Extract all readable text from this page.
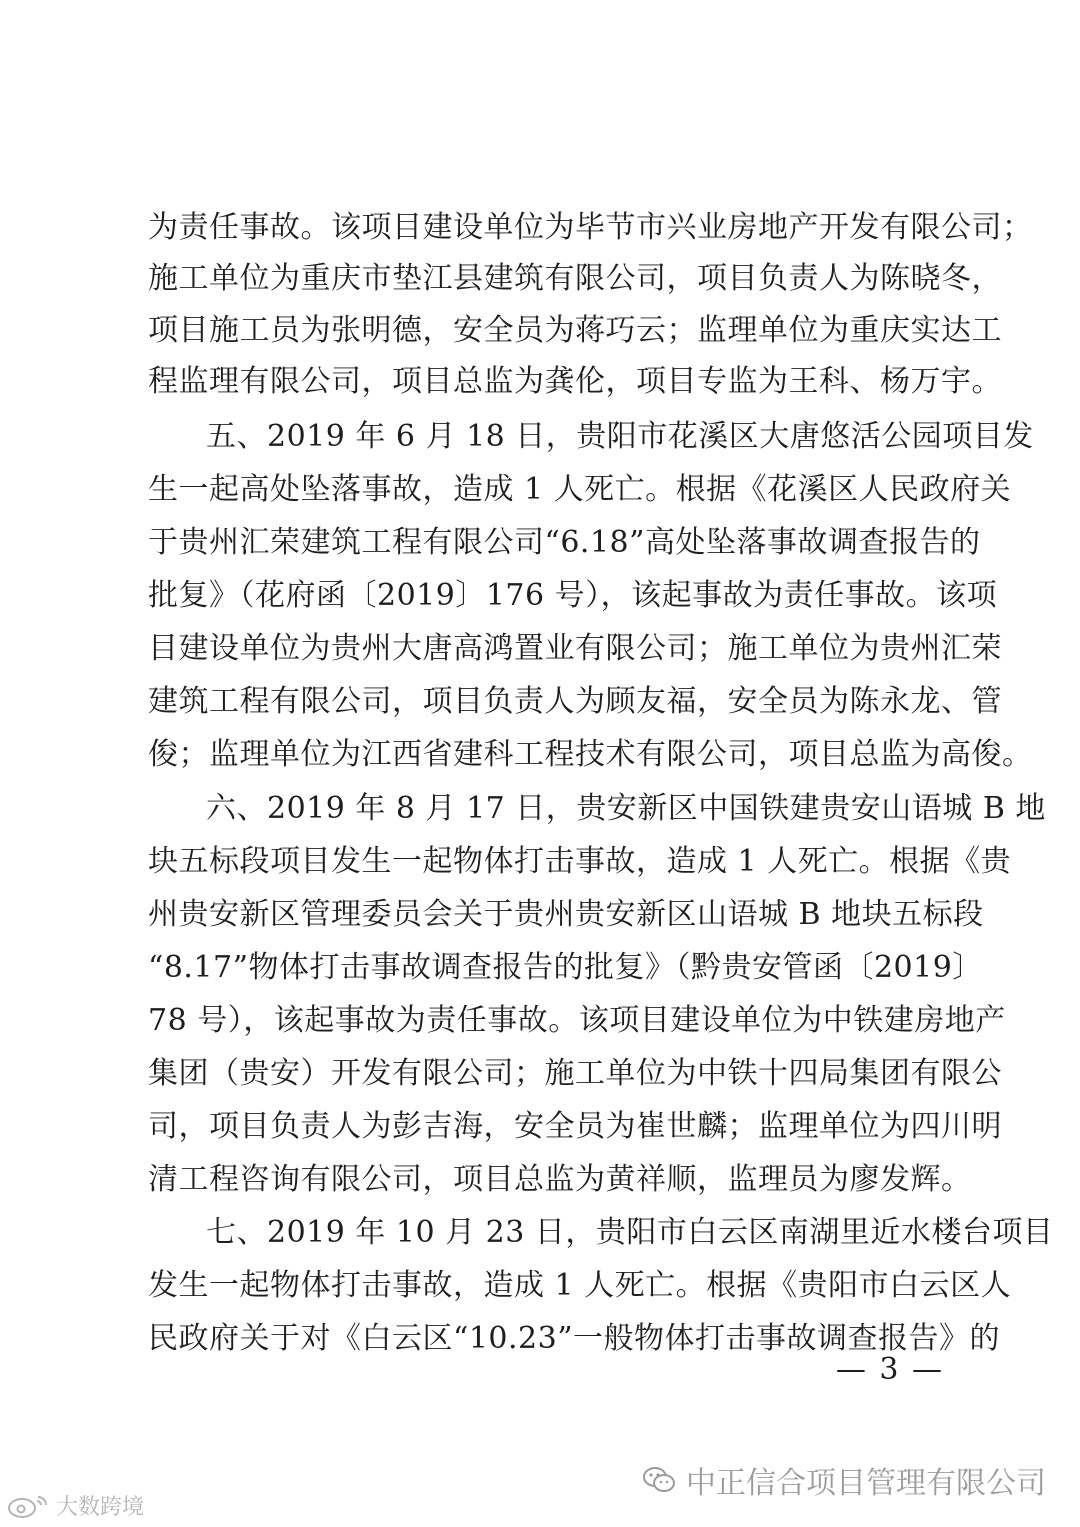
为责任事故。该项目建设单位为毕节市兴业房地产开发有限公司；
施工单位为重庆市垫江县建筑有限公司，项目负责人为陈晓冬，
项目施工员为张明德，安全员为蒋巧云；监理单位为重庆实达工
程监理有限公司，项目总监为龚伦，项目专监为王科、杨万宇。
五、2019 年 6 月 18 日，贵阳市花溪区大唐悠活公园项目发
生一起高处坠落事故，造成 1 人死亡。根据《花溪区人民政府关
于贵州汇荣建筑工程有限公司“6.18”高处坠落事故调查报告的
批复》（花府函〔2019〕176 号），该起事故为责任事故。该项
目建设单位为贵州大唐高鸿置业有限公司；施工单位为贵州汇荣
建筑工程有限公司，项目负责人为顾友福，安全员为陈永龙、管
俊；监理单位为江西省建科工程技术有限公司，项目总监为高俊。
六、2019 年 8 月 17 日，贵安新区中国铁建贵安山语城 B 地
块五标段项目发生一起物体打击事故，造成 1 人死亡。根据《贵
州贵安新区管理委员会关于贵州贵安新区山语城 B 地块五标段
“8.17”物体打击事故调查报告的批复》（黔贵安管函〔2019〕
78 号），该起事故为责任事故。该项目建设单位为中铁建房地产
集团（贵安）开发有限公司；施工单位为中铁十四局集团有限公
司，项目负责人为彭吉海，安全员为崔世麟；监理单位为四川明
清工程咨询有限公司，项目总监为黄祥顺，监理员为廖发辉。
七、2019 年 10 月 23 日，贵阳市白云区南湖里近水楼台项目
发生一起物体打击事故，造成 1 人死亡。根据《贵阳市白云区人
民政府关于对《白云区“10.23”一般物体打击事故调查报告》的
— 3 —
中正信合项目管理有限公司
大数跨境
